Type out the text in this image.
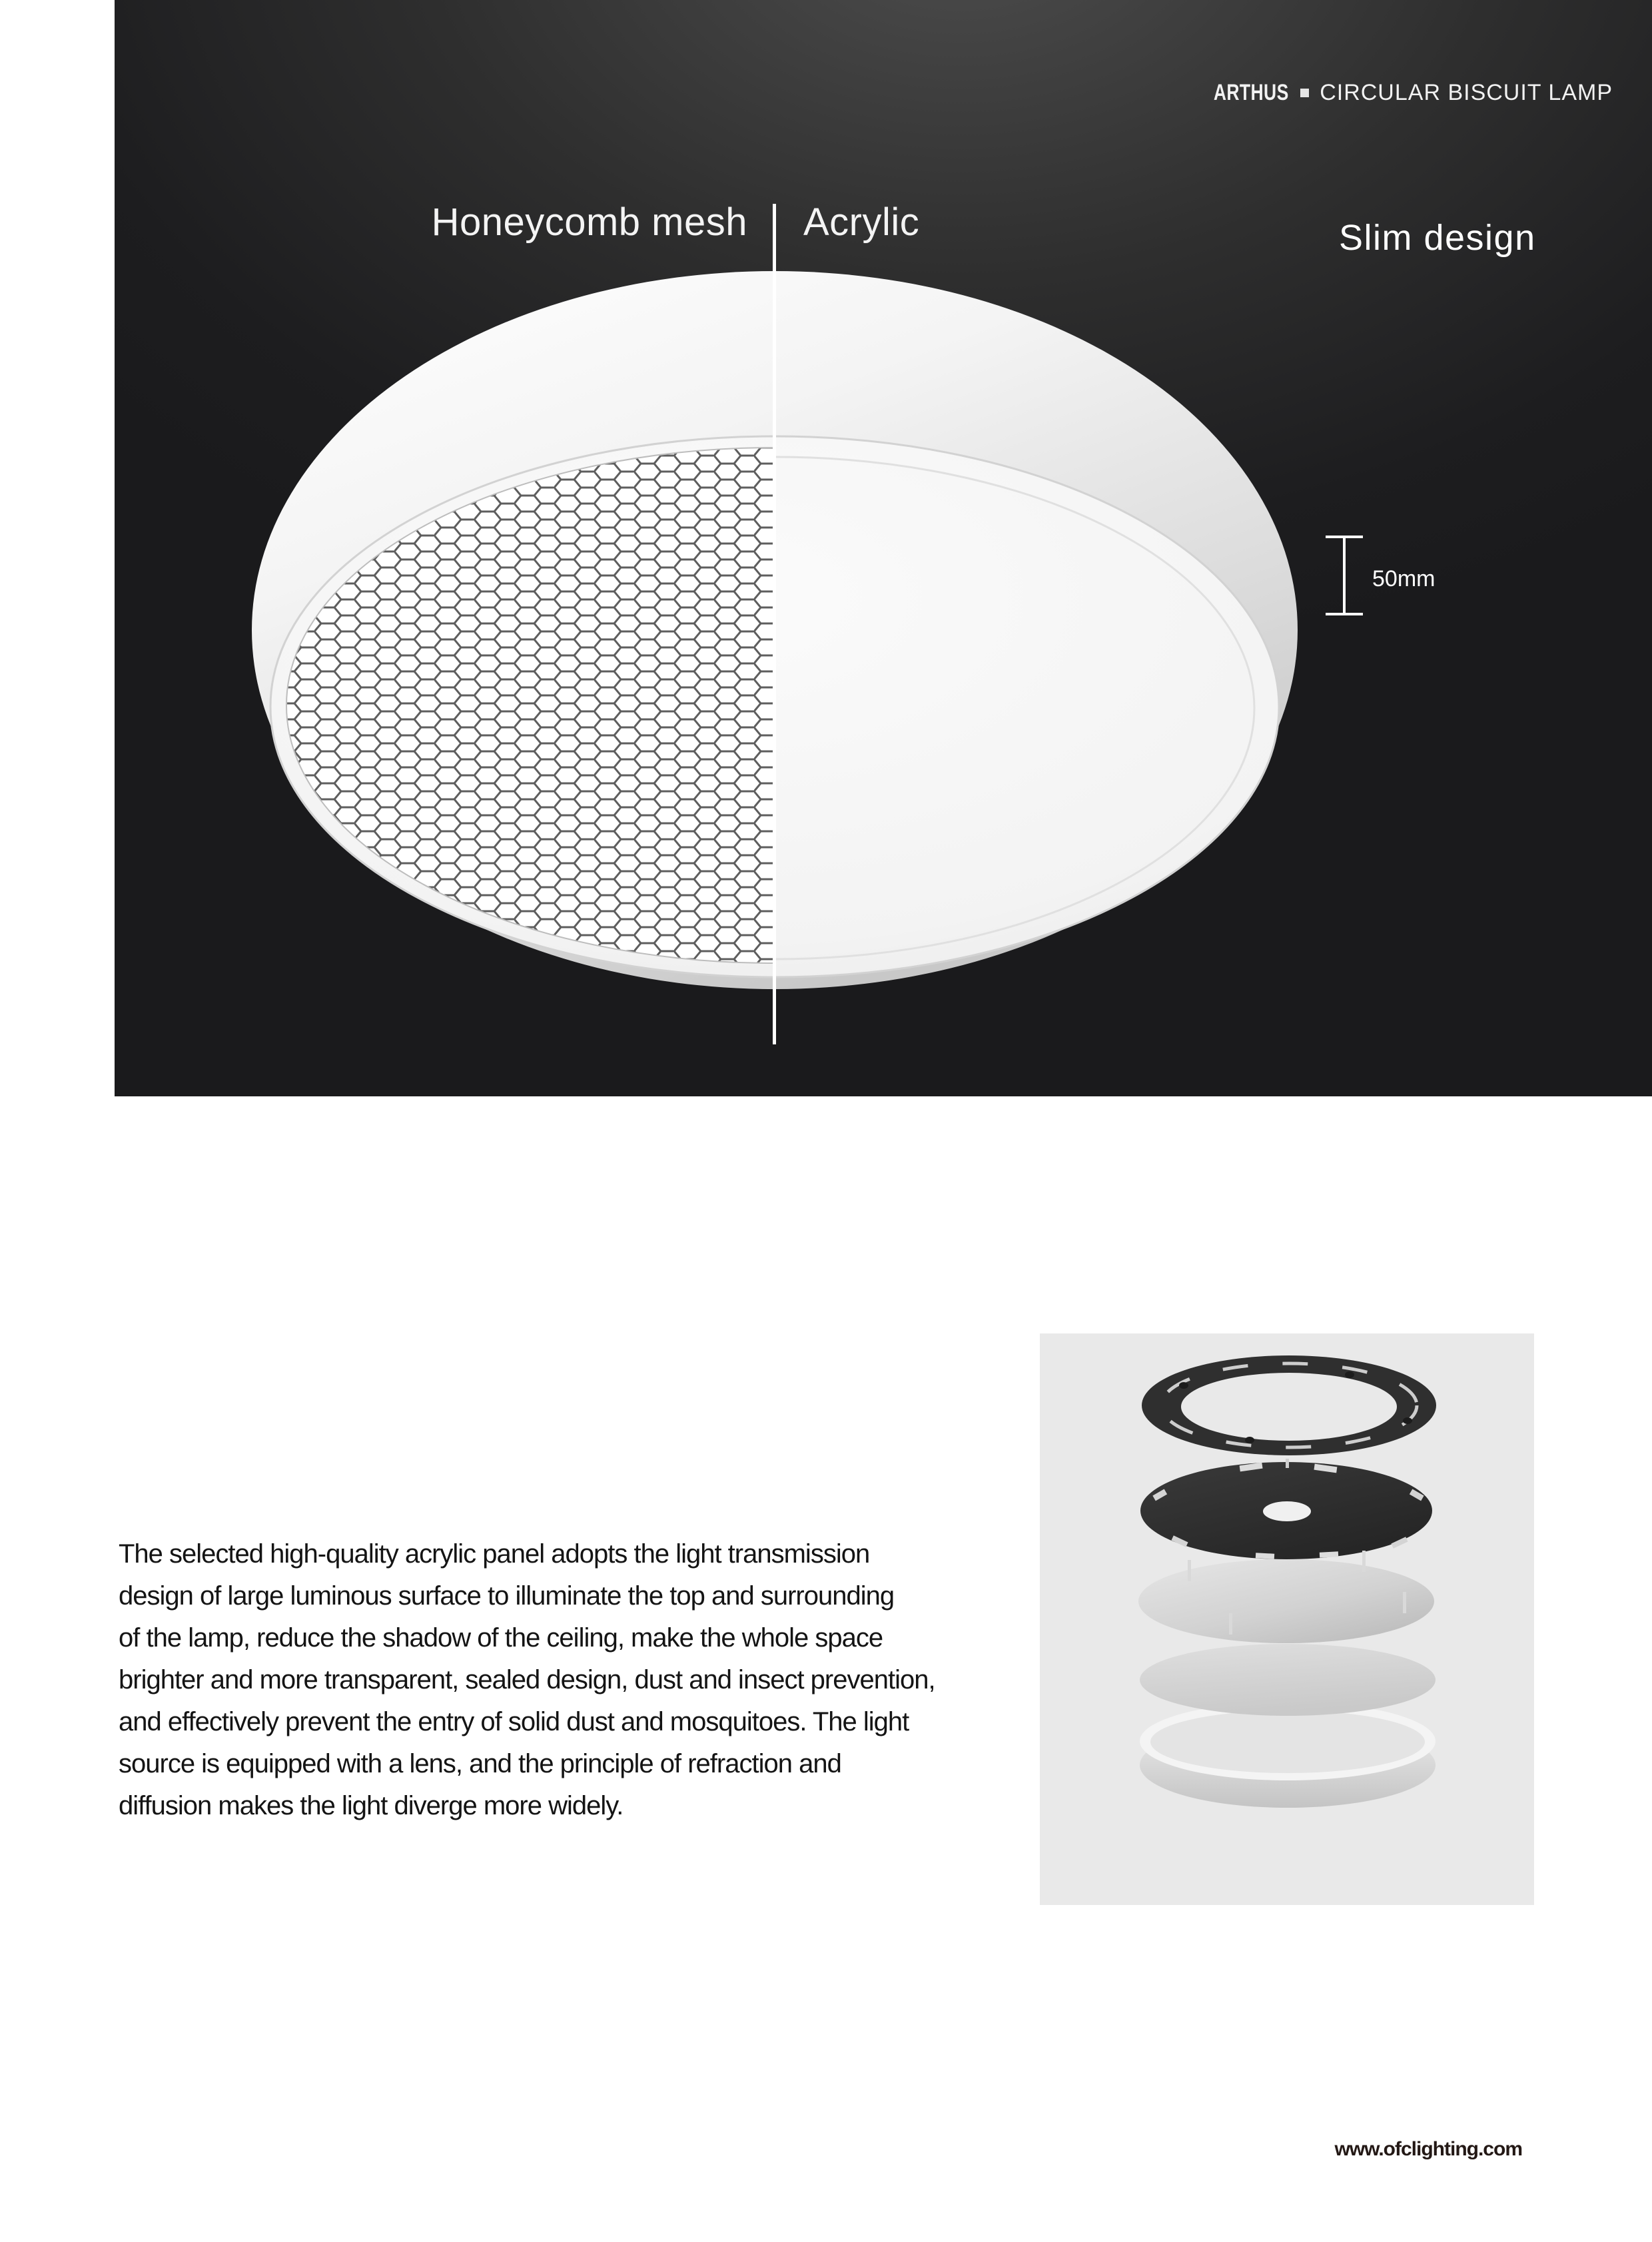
50mm
ARTHUS CIRCULAR BISCUIT LAMP
Honeycomb mesh Acrylic	Slim design
The selected high-quality acrylic panel adopts the light transmission
design of large luminous surface to illuminate the top and surrounding
of the lamp, reduce the shadow of the ceiling, make the whole space
brighter and more transparent, sealed design, dust and insect prevention,
and effectively prevent the entry of solid dust and mosquitoes. The light
source is equipped with a lens, and the principle of refraction and
diffusion makes the light diverge more widely.
www.ofclighting.com
